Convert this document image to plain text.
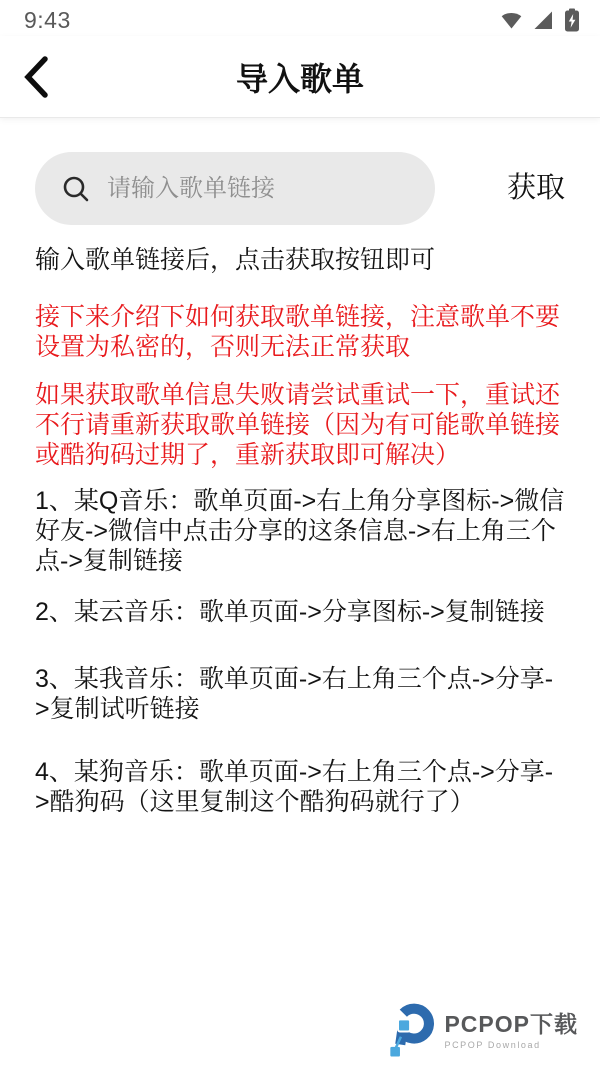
9:43
导入歌单
请输入歌单链接
获取

输入歌单链接后，点击获取按钮即可

接下来介绍下如何获取歌单链接，注意歌单不要设置为私密的，否则无法正常获取

如果获取歌单信息失败请尝试重试一下，重试还不行请重新获取歌单链接（因为有可能歌单链接或酷狗码过期了，重新获取即可解决）

1、某Q音乐：歌单页面->右上角分享图标->微信好友->微信中点击分享的这条信息->右上角三个点->复制链接

2、某云音乐：歌单页面->分享图标->复制链接

3、某我音乐：歌单页面->右上角三个点->分享->复制试听链接

4、某狗音乐：歌单页面->右上角三个点->分享->酷狗码（这里复制这个酷狗码就行了）

PCPOP下载
PCPOP Download
